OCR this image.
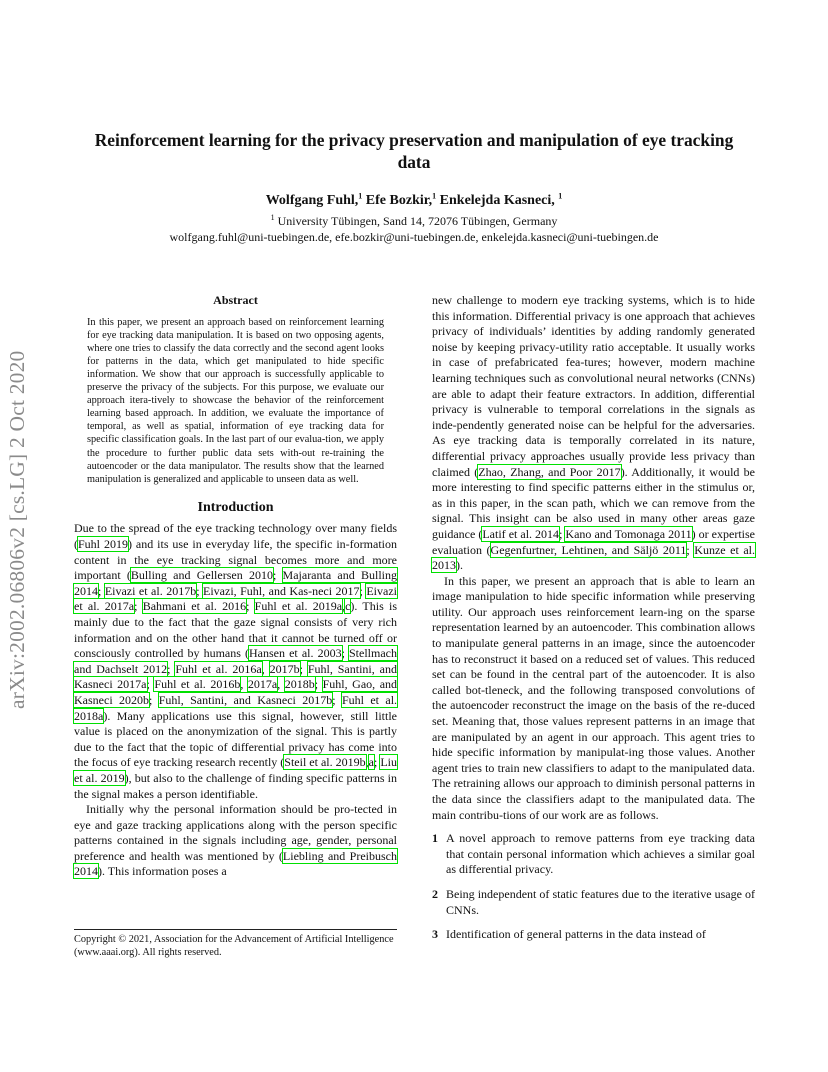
arXiv:2002.06806v2 [cs.LG] 2 Oct 2020
Reinforcement learning for the privacy preservation and manipulation of eye tracking data
Wolfgang Fuhl,$^1$ Efe Bozkir,$^1$ Enkelejda Kasneci, $^1$
$^1$ University Tübingen, Sand 14, 72076 Tübingen, Germany
wolfgang.fuhl@uni-tuebingen.de, efe.bozkir@uni-tuebingen.de, enkelejda.kasneci@uni-tuebingen.de
Abstract

In this paper, we present an approach based on reinforcement learning for eye tracking data manipulation. It is based on two opposing agents, where one tries to classify the data correctly and the second agent looks for patterns in the data, which get manipulated to hide specific information. We show that our approach is successfully applicable to preserve the privacy of the subjects. For this purpose, we evaluate our approach itera-tively to showcase the behavior of the reinforcement learning based approach. In addition, we evaluate the importance of temporal, as well as spatial, information of eye tracking data for specific classification goals. In the last part of our evalua-tion, we apply the procedure to further public data sets with-out re-training the autoencoder or the data manipulator. The results show that the learned manipulation is generalized and applicable to unseen data as well.

Introduction

Due to the spread of the eye tracking technology over many fields (Fuhl 2019) and its use in everyday life, the specific in-formation content in the eye tracking signal becomes more and more important (Bulling and Gellersen 2010; Majaranta and Bulling 2014; Eivazi et al. 2017b; Eivazi, Fuhl, and Kas-neci 2017; Eivazi et al. 2017a; Bahmani et al. 2016; Fuhl et al. 2019a,c). This is mainly due to the fact that the gaze signal consists of very rich information and on the other hand that it cannot be turned off or consciously controlled by humans (Hansen et al. 2003; Stellmach and Dachselt 2012; Fuhl et al. 2016a, 2017b; Fuhl, Santini, and Kasneci 2017a; Fuhl et al. 2016b, 2017a, 2018b; Fuhl, Gao, and Kasneci 2020b; Fuhl, Santini, and Kasneci 2017b; Fuhl et al. 2018a). Many applications use this signal, however, still little value is placed on the anonymization of the signal. This is partly due to the fact that the topic of differential privacy has come into the focus of eye tracking research recently (Steil et al. 2019b,a; Liu et al. 2019), but also to the challenge of finding specific patterns in the signal makes a person identifiable.

Initially why the personal information should be pro-tected in eye and gaze tracking applications along with the person specific patterns contained in the signals including age, gender, personal preference and health was mentioned by (Liebling and Preibusch 2014). This information poses a

Copyright © 2021, Association for the Advancement of Artificial Intelligence (www.aaai.org). All rights reserved.

new challenge to modern eye tracking systems, which is to hide this information. Differential privacy is one approach that achieves privacy of individuals’ identities by adding randomly generated noise by keeping privacy-utility ratio acceptable. It usually works in case of prefabricated fea-tures; however, modern machine learning techniques such as convolutional neural networks (CNNs) are able to adapt their feature extractors. In addition, differential privacy is vulnerable to temporal correlations in the signals as inde-pendently generated noise can be helpful for the adversaries. As eye tracking data is temporally correlated in its nature, differential privacy approaches usually provide less privacy than claimed (Zhao, Zhang, and Poor 2017). Additionally, it would be more interesting to find specific patterns either in the stimulus or, as in this paper, in the scan path, which we can remove from the signal. This insight can be also used in many other areas gaze guidance (Latif et al. 2014; Kano and Tomonaga 2011) or expertise evaluation (Gegenfurtner, Lehtinen, and Säljö 2011; Kunze et al. 2013).

In this paper, we present an approach that is able to learn an image manipulation to hide specific information while preserving utility. Our approach uses reinforcement learn-ing on the sparse representation learned by an autoencoder. This combination allows to manipulate general patterns in an image, since the autoencoder has to reconstruct it based on a reduced set of values. This reduced set can be found in the central part of the autoencoder. It is also called bot-tleneck, and the following transposed convolutions of the autoencoder reconstruct the image on the basis of the re-duced set. Meaning that, those values represent patterns in an image that are manipulated by an agent in our approach. This agent tries to hide specific information by manipulat-ing those values. Another agent tries to train new classifiers to adapt to the manipulated data. The retraining allows our approach to diminish personal patterns in the data since the classifiers adapt to the manipulated data. The main contribu-tions of our work are as follows.

1 A novel approach to remove patterns from eye tracking data that contain personal information which achieves a similar goal as differential privacy.
2 Being independent of static features due to the iterative usage of CNNs.
3 Identification of general patterns in the data instead of
